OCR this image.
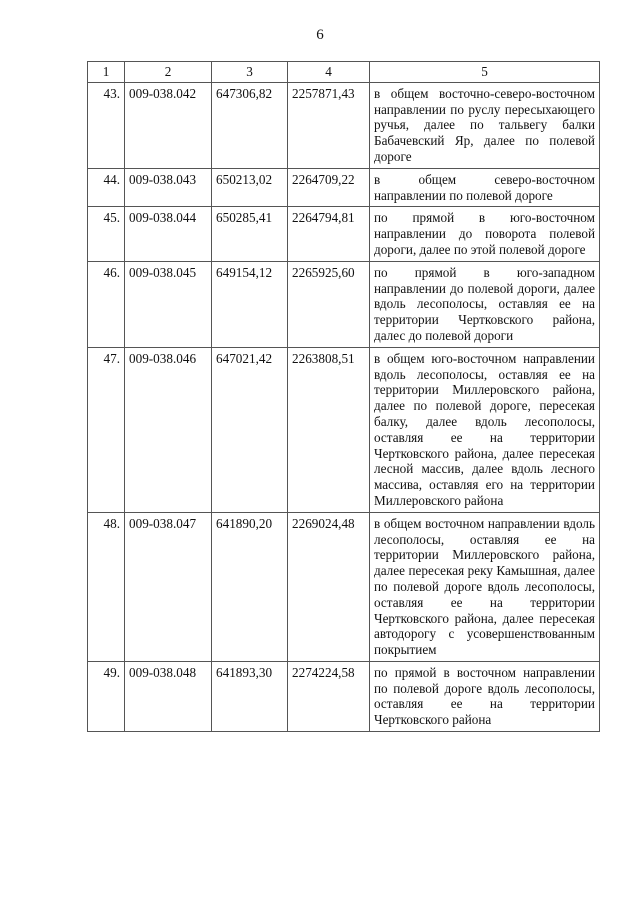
6
1	2	3	4	5
43.	009-038.042	647306,82	2257871,43	в общем восточно-северо-восточном направлении по руслу пересыхающего ручья, далее по тальвегу балки Бабачевский Яр, далее по полевой дороге
44.	009-038.043	650213,02	2264709,22	в общем северо-восточном направлении по полевой дороге
45.	009-038.044	650285,41	2264794,81	по прямой в юго-восточном направлении до поворота полевой дороги, далее по этой полевой дороге
46.	009-038.045	649154,12	2265925,60	по прямой в юго-западном направлении до полевой дороги, далее вдоль лесополосы, оставляя ее на территории Чертковского района, далес до полевой дороги
47.	009-038.046	647021,42	2263808,51	в общем юго-восточном направлении вдоль лесополосы, оставляя ее на территории Миллеровского района, далее по полевой дороге, пересекая балку, далее вдоль лесополосы, оставляя ее на территории Чертковского района, далее пересекая лесной массив, далее вдоль лесного массива, оставляя его на территории Миллеровского района
48.	009-038.047	641890,20	2269024,48	в общем восточном направлении вдоль лесополосы, оставляя ее на территории Миллеровского района, далее пересекая реку Камышная, далее по полевой дороге вдоль лесополосы, оставляя ее на территории Чертковского района, далее пересекая автодорогу с усовершенствованным покрытием
49.	009-038.048	641893,30	2274224,58	по прямой в восточном направлении по полевой дороге вдоль лесополосы, оставляя ее на территории Чертковского района
